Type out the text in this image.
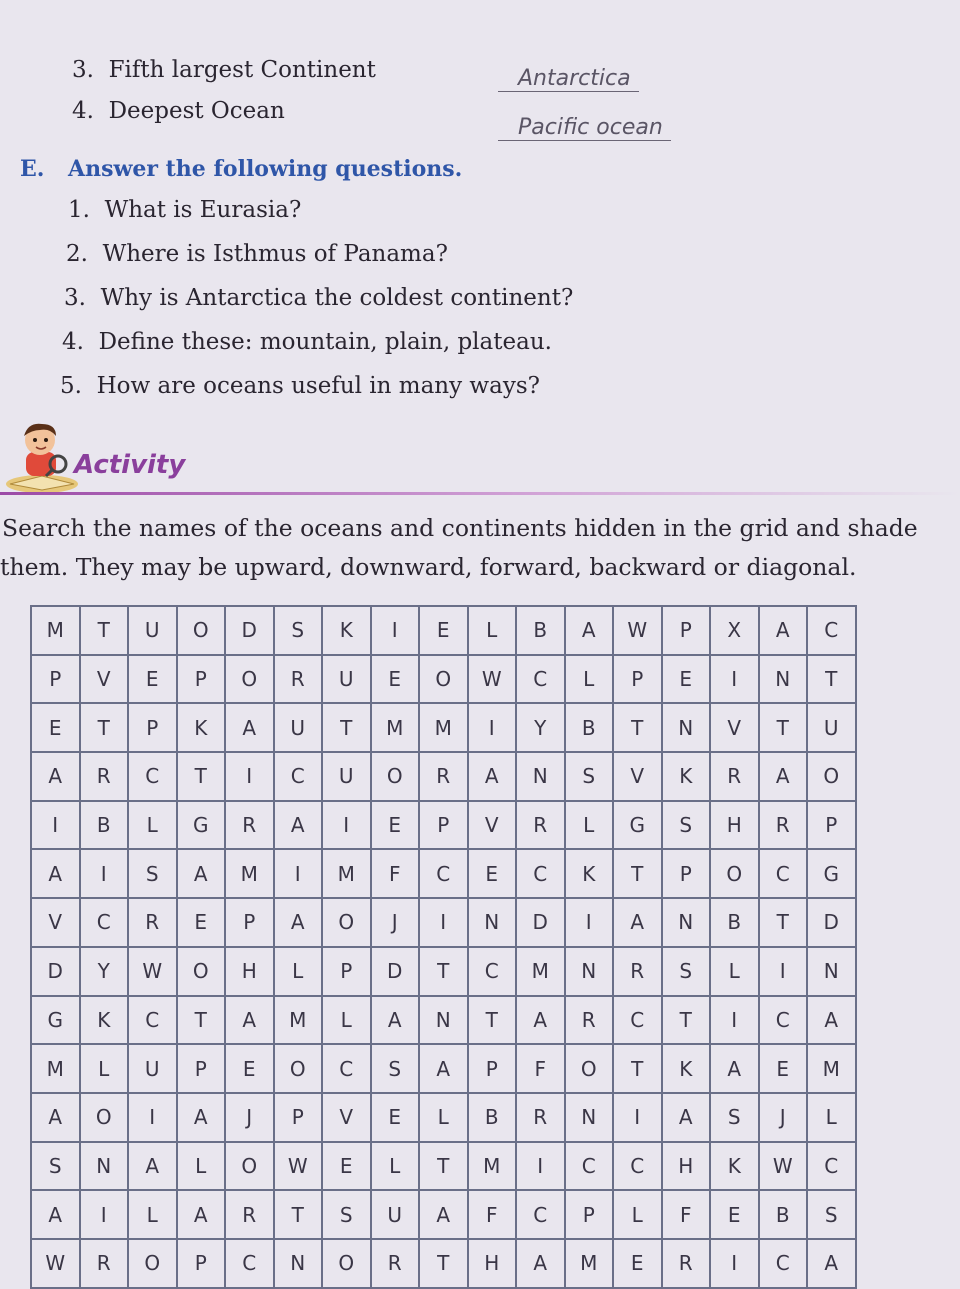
3. Fifth largest Continent	Antarctica
4. Deepest Ocean
Pacific ocean
E. Answer the following questions.
1. What is Eurasia?
2. Where is Isthmus of Panama?
3. Why is Antarctica the coldest continent?
4. Define these: mountain, plain, plateau.
5. How are oceans useful in many ways?
Activity
Search the names of the oceans and continents hidden in the grid and shade
them. They may be upward, downward, forward, backward or diagonal.
M	T	U	O	D	S	K	I	E	L	B	A	W	P	X	A	C
P	V	E	P	O	R	U	E	O	W	C	L	P	E	I	N	T
E	T	P	K	A	U	T	M	M	I	Y	B	T	N	V	T	U
A	R	C	T	I	C	U	O	R	A	N	S	V	K	R	A	O
I	B	L	G	R	A	I	E	P	V	R	L	G	S	H	R	P
A	I	S	A	M	I	M	F	C	E	C	K	T	P	O	C	G
V	C	R	E	P	A	O	J	I	N	D	I	A	N	B	T	D
D	Y	W	O	H	L	P	D	T	C	M	N	R	S	L	I	N
G	K	C	T	A	M	L	A	N	T	A	R	C	T	I	C	A
M	L	U	P	E	O	C	S	A	P	F	O	T	K	A	E	M
A	O	I	A	J	P	V	E	L	B	R	N	I	A	S	J	L
S	N	A	L	O	W	E	L	T	M	I	C	C	H	K	W	C
A	I	L	A	R	T	S	U	A	F	C	P	L	F	E	B	S
W	R	O	P	C	N	O	R	T	H	A	M	E	R	I	C	A
